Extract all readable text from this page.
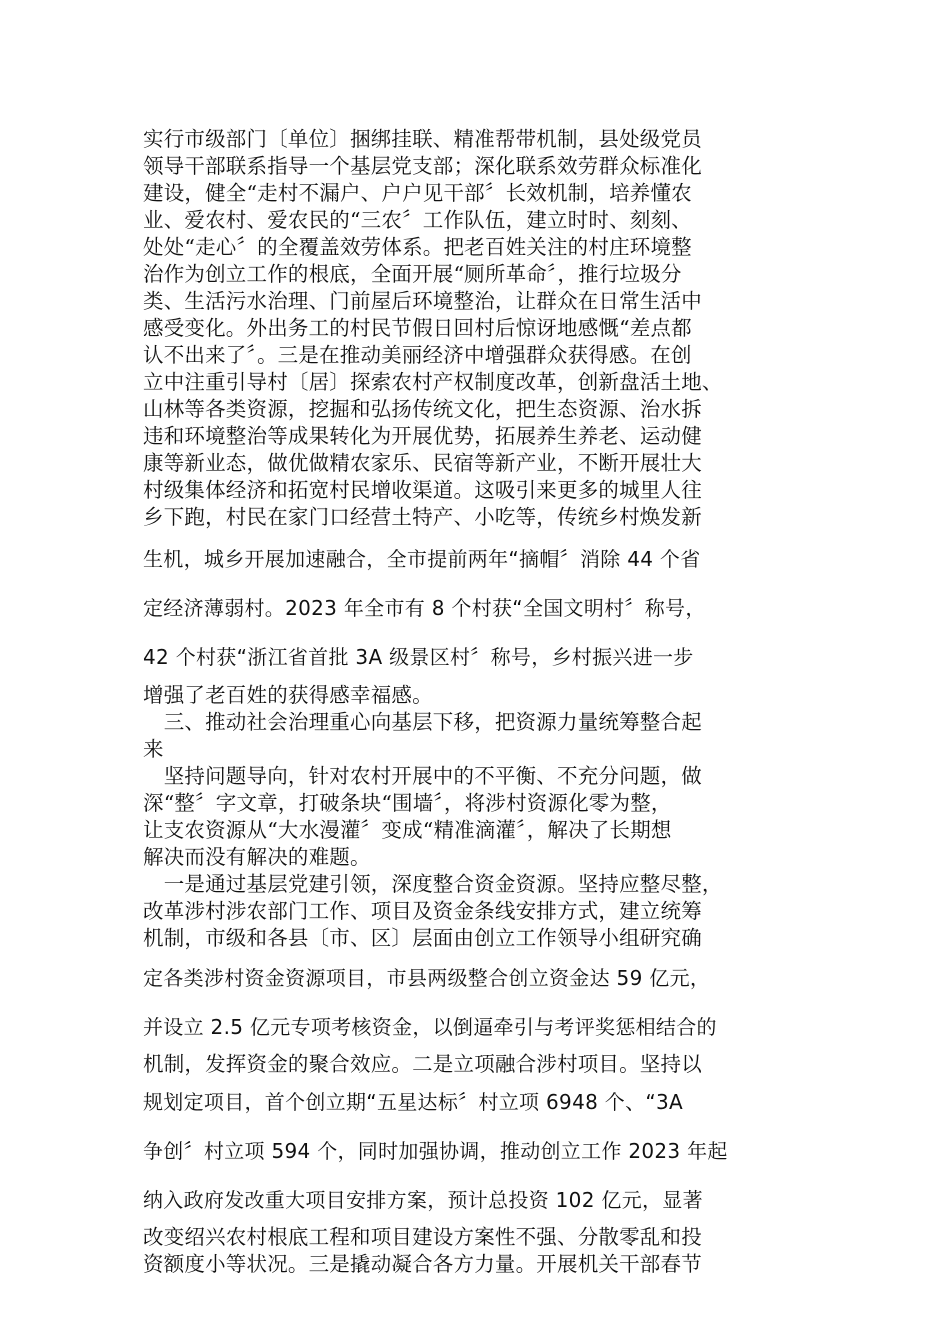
实行市级部门〔单位〕捆绑挂联、精准帮带机制，县处级党员
领导干部联系指导一个基层党支部；深化联系效劳群众标准化
建设，健全“走村不漏户、户户见干部〞长效机制，培养懂农
业、爱农村、爱农民的“三农〞工作队伍，建立时时、刻刻、
处处“走心〞的全覆盖效劳体系。把老百姓关注的村庄环境整
治作为创立工作的根底，全面开展“厕所革命〞，推行垃圾分
类、生活污水治理、门前屋后环境整治，让群众在日常生活中
感受变化。外出务工的村民节假日回村后惊讶地感慨“差点都
认不出来了〞。三是在推动美丽经济中增强群众获得感。在创
立中注重引导村〔居〕探索农村产权制度改革，创新盘活土地、
山林等各类资源，挖掘和弘扬传统文化，把生态资源、治水拆
违和环境整治等成果转化为开展优势，拓展养生养老、运动健
康等新业态，做优做精农家乐、民宿等新产业，不断开展壮大
村级集体经济和拓宽村民增收渠道。这吸引来更多的城里人往
乡下跑，村民在家门口经营土特产、小吃等，传统乡村焕发新
生机，城乡开展加速融合，全市提前两年“摘帽〞消除 44 个省
定经济薄弱村。2023 年全市有 8 个村获“全国文明村〞称号，
42 个村获“浙江省首批 3A 级景区村〞称号，乡村振兴进一步
增强了老百姓的获得感幸福感。
　三、推动社会治理重心向基层下移，把资源力量统筹整合起
来
　坚持问题导向，针对农村开展中的不平衡、不充分问题，做
深“整〞字文章，打破条块“围墙〞，将涉村资源化零为整，
让支农资源从“大水漫灌〞变成“精准滴灌〞，解决了长期想
解决而没有解决的难题。
　一是通过基层党建引领，深度整合资金资源。坚持应整尽整，
改革涉村涉农部门工作、项目及资金条线安排方式，建立统筹
机制，市级和各县〔市、区〕层面由创立工作领导小组研究确
定各类涉村资金资源项目，市县两级整合创立资金达 59 亿元，
并设立 2.5 亿元专项考核资金，以倒逼牵引与考评奖惩相结合的
机制，发挥资金的聚合效应。二是立项融合涉村项目。坚持以
规划定项目，首个创立期“五星达标〞村立项 6948 个、“3A
争创〞村立项 594 个，同时加强协调，推动创立工作 2023 年起
纳入政府发改重大项目安排方案，预计总投资 102 亿元，显著
改变绍兴农村根底工程和项目建设方案性不强、分散零乱和投
资额度小等状况。三是撬动凝合各方力量。开展机关干部春节
